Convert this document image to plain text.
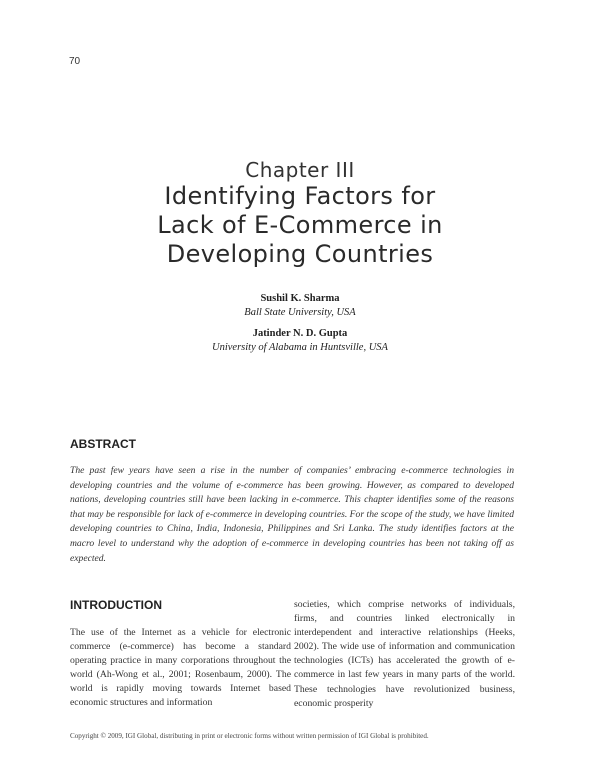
70
Chapter III
Identifying Factors for
Lack of E-Commerce in
Developing Countries
Sushil K. Sharma
Ball State University, USA
Jatinder N. D. Gupta
University of Alabama in Huntsville, USA
ABSTRACT
The past few years have seen a rise in the number of companies’ embracing e-commerce technologies in developing countries and the volume of e-commerce has been growing. However, as compared to developed nations, developing countries still have been lacking in e-commerce. This chapter identifies some of the reasons that may be responsible for lack of e-commerce in developing countries. For the scope of the study, we have limited developing countries to China, India, Indonesia, Philippines and Sri Lanka. The study identifies factors at the macro level to understand why the adoption of e-commerce in developing countries has been not taking off as expected.
INTRODUCTION
The use of the Internet as a vehicle for electronic commerce (e-commerce) has become a standard operating practice in many corporations throughout the world (Ah-Wong et al., 2001; Rosenbaum, 2000). The world is rapidly moving towards Internet based economic structures and information
societies, which comprise networks of individuals, firms, and countries linked electronically in interdependent and interactive relationships (Heeks, 2002). The wide use of information and communication technologies (ICTs) has accelerated the growth of e-commerce in last few years in many parts of the world. These technologies have revolutionized business, economic prosperity
Copyright © 2009, IGI Global, distributing in print or electronic forms without written permission of IGI Global is prohibited.
